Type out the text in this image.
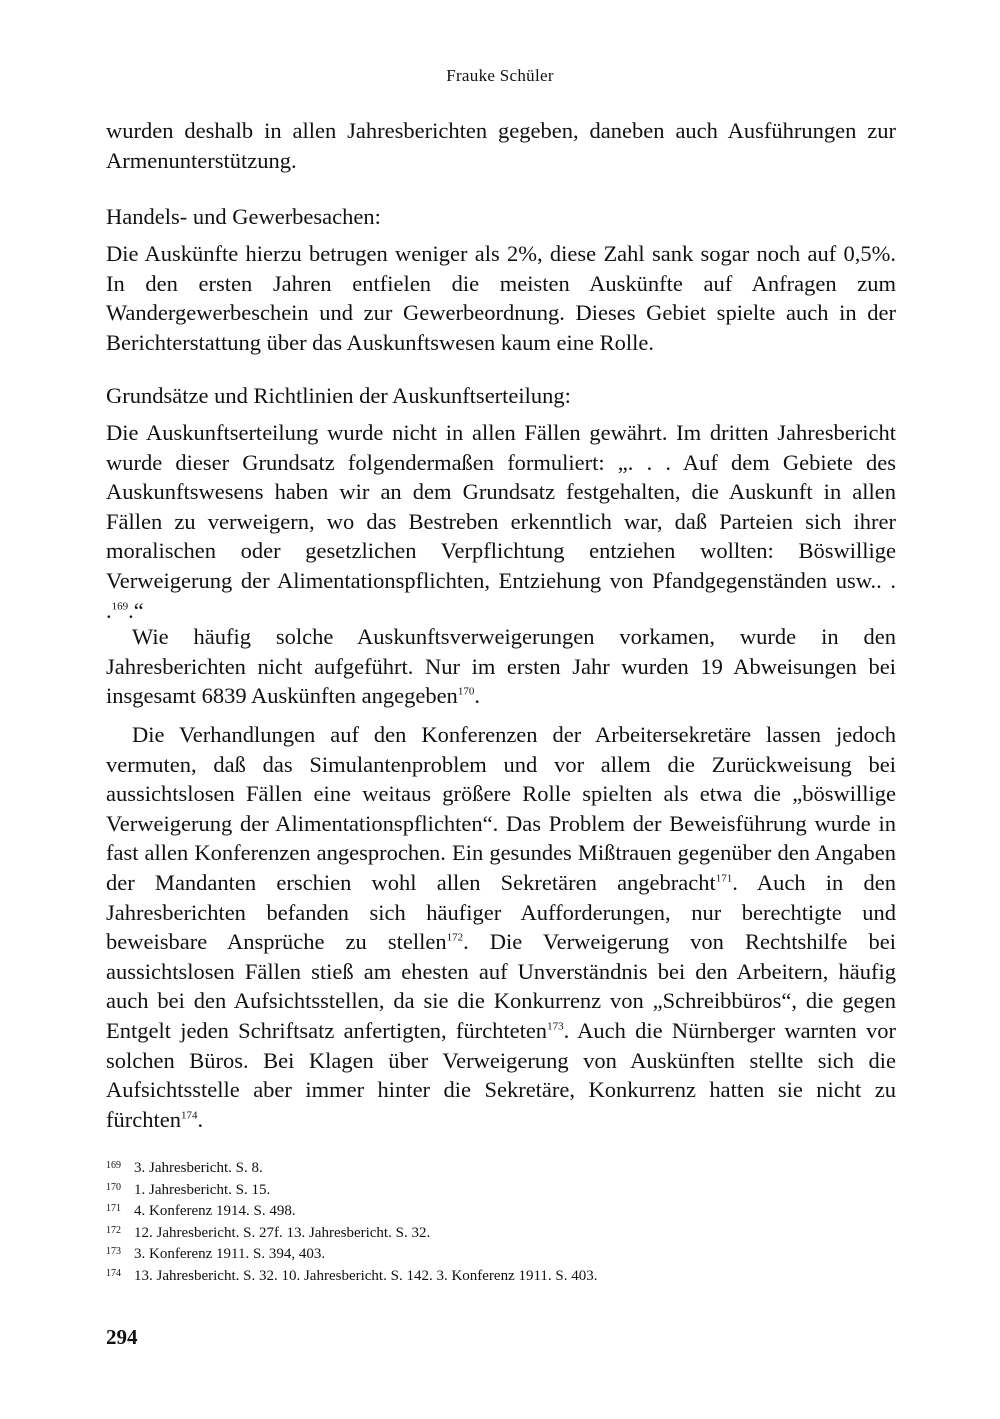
Frauke Schüler

wurden deshalb in allen Jahresberichten gegeben, daneben auch Ausführungen zur Armenunterstützung.

Handels- und Gewerbesachen:

Die Auskünfte hierzu betrugen weniger als 2%, diese Zahl sank sogar noch auf 0,5%. In den ersten Jahren entfielen die meisten Auskünfte auf Anfragen zum Wandergewerbeschein und zur Gewerbeordnung. Dieses Gebiet spielte auch in der Berichterstattung über das Auskunftswesen kaum eine Rolle.

Grundsätze und Richtlinien der Auskunftserteilung:

Die Auskunftserteilung wurde nicht in allen Fällen gewährt. Im dritten Jahresbericht wurde dieser Grundsatz folgendermaßen formuliert: „. . . Auf dem Gebiete des Auskunftswesens haben wir an dem Grundsatz festgehalten, die Auskunft in allen Fällen zu verweigern, wo das Bestreben erkenntlich war, daß Parteien sich ihrer moralischen oder gesetzlichen Verpflichtung entziehen wollten: Böswillige Verweigerung der Alimentationspflichten, Entziehung von Pfandgegenständen usw.. . .$^{169}$.“

Wie häufig solche Auskunftsverweigerungen vorkamen, wurde in den Jahresberichten nicht aufgeführt. Nur im ersten Jahr wurden 19 Abweisungen bei insgesamt 6839 Auskünften angegeben$^{170}$.

Die Verhandlungen auf den Konferenzen der Arbeitersekretäre lassen jedoch vermuten, daß das Simulantenproblem und vor allem die Zurückweisung bei aussichtslosen Fällen eine weitaus größere Rolle spielten als etwa die „böswillige Verweigerung der Alimentationspflichten“. Das Problem der Beweisführung wurde in fast allen Konferenzen angesprochen. Ein gesundes Mißtrauen gegenüber den Angaben der Mandanten erschien wohl allen Sekretären angebracht$^{171}$. Auch in den Jahresberichten befanden sich häufiger Aufforderungen, nur berechtigte und beweisbare Ansprüche zu stellen$^{172}$. Die Verweigerung von Rechtshilfe bei aussichtslosen Fällen stieß am ehesten auf Unverständnis bei den Arbeitern, häufig auch bei den Aufsichtsstellen, da sie die Konkurrenz von „Schreibbüros“, die gegen Entgelt jeden Schriftsatz anfertigten, fürchteten$^{173}$. Auch die Nürnberger warnten vor solchen Büros. Bei Klagen über Verweigerung von Auskünften stellte sich die Aufsichtsstelle aber immer hinter die Sekretäre, Konkurrenz hatten sie nicht zu fürchten$^{174}$.

169 3. Jahresbericht. S. 8.
170 1. Jahresbericht. S. 15.
171 4. Konferenz 1914. S. 498.
172 12. Jahresbericht. S. 27f. 13. Jahresbericht. S. 32.
173 3. Konferenz 1911. S. 394, 403.
174 13. Jahresbericht. S. 32. 10. Jahresbericht. S. 142. 3. Konferenz 1911. S. 403.
294
